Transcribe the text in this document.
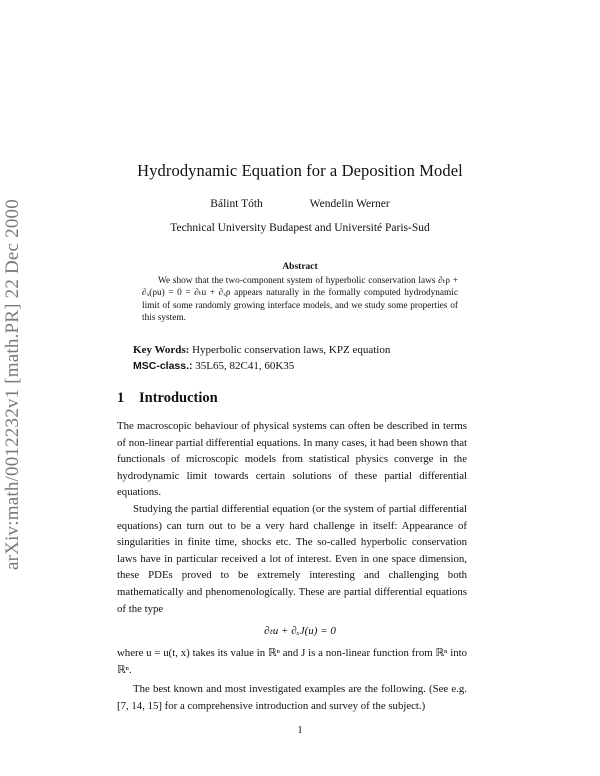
arXiv:math/0012232v1 [math.PR] 22 Dec 2000
Hydrodynamic Equation for a Deposition Model
Bálint Tóth	Wendelin Werner
Technical University Budapest and Université Paris-Sud
Abstract
We show that the two-component system of hyperbolic conservation laws ∂ₜρ + ∂ₓ(ρu) = 0 = ∂ₜu + ∂ₓρ appears naturally in the formally computed hydrodynamic limit of some randomly growing interface models, and we study some properties of this system.
Key Words: Hyperbolic conservation laws, KPZ equation
MSC-class.: 35L65, 82C41, 60K35
1 Introduction
The macroscopic behaviour of physical systems can often be described in terms of non-linear partial differential equations. In many cases, it had been shown that functionals of microscopic models from statistical physics converge in the hydrodynamic limit towards certain solutions of these partial differential equations.
Studying the partial differential equation (or the system of partial differential equations) can turn out to be a very hard challenge in itself: Appearance of singularities in finite time, shocks etc. The so-called hyperbolic conservation laws have in particular received a lot of interest. Even in one space dimension, these PDEs proved to be extremely interesting and challenging both mathematically and phenomenologically. These are partial differential equations of the type
∂ₜu + ∂ₓJ(u) = 0
where u = u(t, x) takes its value in ℝⁿ and J is a non-linear function from ℝⁿ into ℝⁿ.
The best known and most investigated examples are the following. (See e.g. [7, 14, 15] for a comprehensive introduction and survey of the subject.)
1
